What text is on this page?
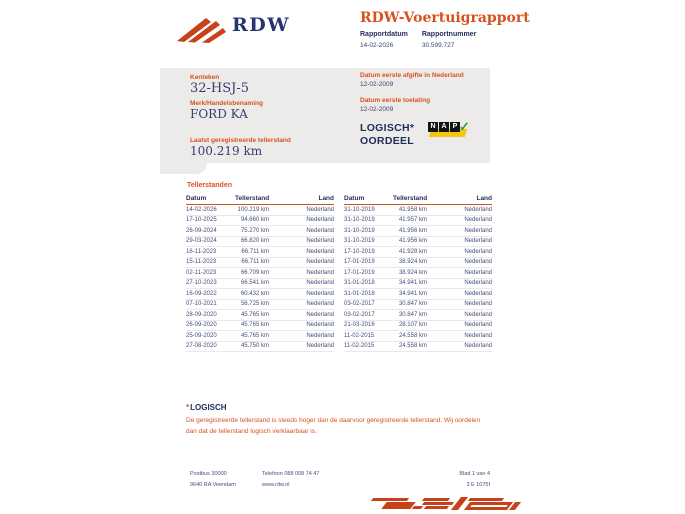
RDW	RDW-Voertuigrapport
Rapportdatum
14-02-2026
Rapportnummer
30.599.727
Kenteken
32-HSJ-5
Merk/Handelsbenaming
FORD KA
Laatst geregistreerde tellerstand
100.219 km
Datum eerste afgifte in Nederland
12-02-2009
Datum eerste toelating
12-02-2009
LOGISCH*
OORDEEL
N A P ✓
Tellerstanden
Datum	Tellerstand	Land
14-02-2026	100.219 km	Nederland
17-10-2025	94.660 km	Nederland
26-09-2024	75.270 km	Nederland
29-03-2024	66.820 km	Nederland
16-11-2023	66.711 km	Nederland
15-11-2023	66.711 km	Nederland
02-11-2023	66.709 km	Nederland
27-10-2023	66.541 km	Nederland
16-09-2022	60.432 km	Nederland
07-10-2021	56.725 km	Nederland
28-09-2020	45.765 km	Nederland
26-09-2020	45.765 km	Nederland
25-09-2020	45.765 km	Nederland
27-08-2020	45.750 km	Nederland
Datum	Tellerstand	Land
31-10-2019	41.958 km	Nederland
31-10-2019	41.957 km	Nederland
31-10-2019	41.956 km	Nederland
31-10-2019	41.956 km	Nederland
17-10-2019	41.928 km	Nederland
17-01-2019	38.924 km	Nederland
17-01-2019	38.924 km	Nederland
31-01-2018	34.941 km	Nederland
31-01-2018	34.941 km	Nederland
03-02-2017	30.847 km	Nederland
03-02-2017	30.847 km	Nederland
21-03-2016	28.107 km	Nederland
11-02-2015	24.558 km	Nederland
11-02-2015	24.558 km	Nederland
*LOGISCH
De geregistreerde tellerstand is steeds hoger dan de daarvoor geregistreerde tellerstand. Wij oordelen dan dat de tellerstand logisch verklaarbaar is.
Postbus 30000
9640 RA Veendam
Telefoon 088 008 74 47
www.rdw.nl
Blad 1 van 4
3 E 1075f
